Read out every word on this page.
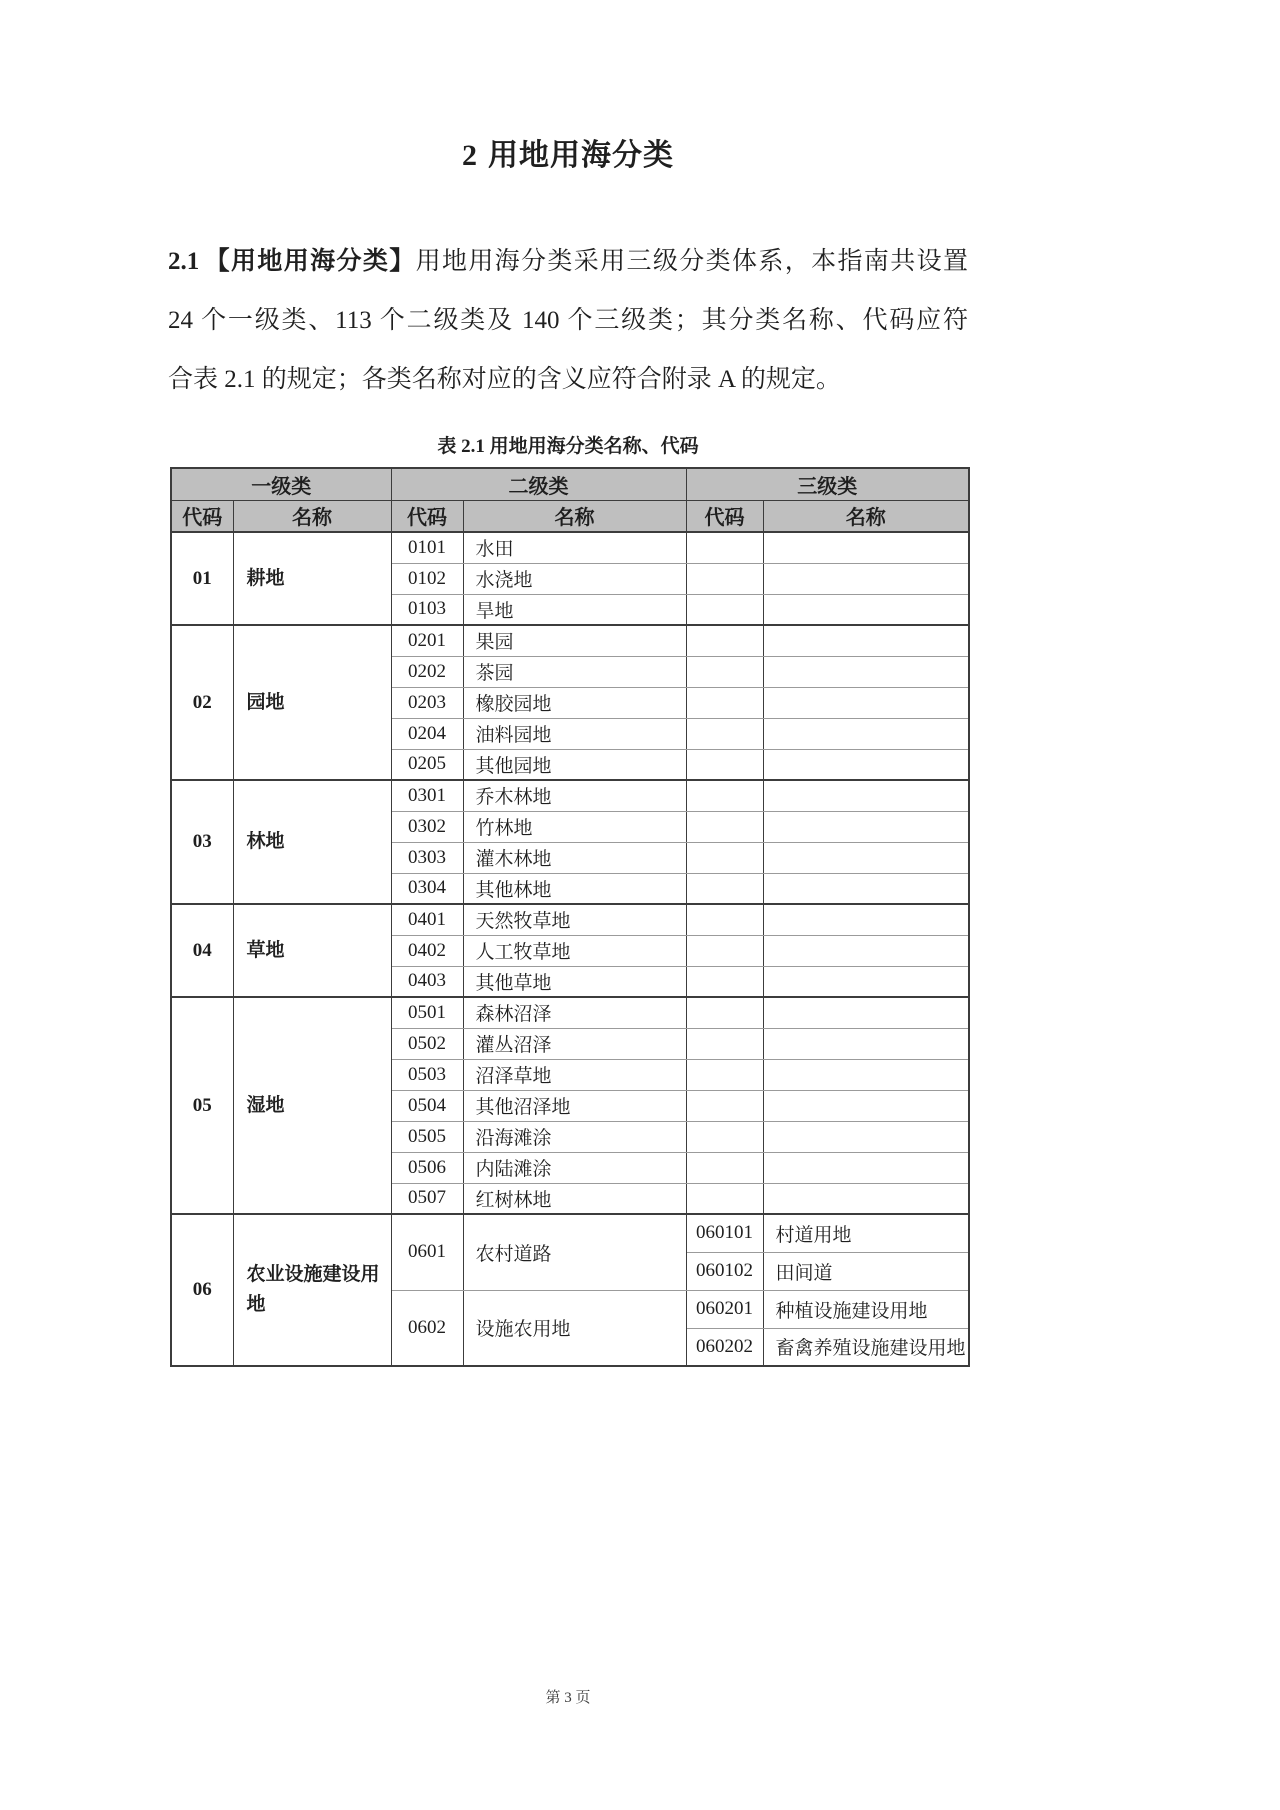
2 用地用海分类
2.1 【用地用海分类】用地用海分类采用三级分类体系，本指南共设置
24 个一级类、113 个二级类及 140 个三级类；其分类名称、代码应符
合表 2.1 的规定；各类名称对应的含义应符合附录 A 的规定。
表 2.1 用地用海分类名称、代码
一级类		二级类		三级类	
代码	名称	代码	名称	代码	名称
01	耕地	0101	水田		
		0102	水浇地		
		0103	旱地		
02	园地	0201	果园		
		0202	茶园		
		0203	橡胶园地		
		0204	油料园地		
		0205	其他园地		
03	林地	0301	乔木林地		
		0302	竹林地		
		0303	灌木林地		
		0304	其他林地		
04	草地	0401	天然牧草地		
		0402	人工牧草地		
		0403	其他草地		
05	湿地	0501	森林沼泽		
		0502	灌丛沼泽		
		0503	沼泽草地		
		0504	其他沼泽地		
		0505	沿海滩涂		
		0506	内陆滩涂		
		0507	红树林地		
06	农业设施建设用地	0601	农村道路	060101	村道用地
				060102	田间道
		0602	设施农用地	060201	种植设施建设用地
				060202	畜禽养殖设施建设用地
第 3 页
